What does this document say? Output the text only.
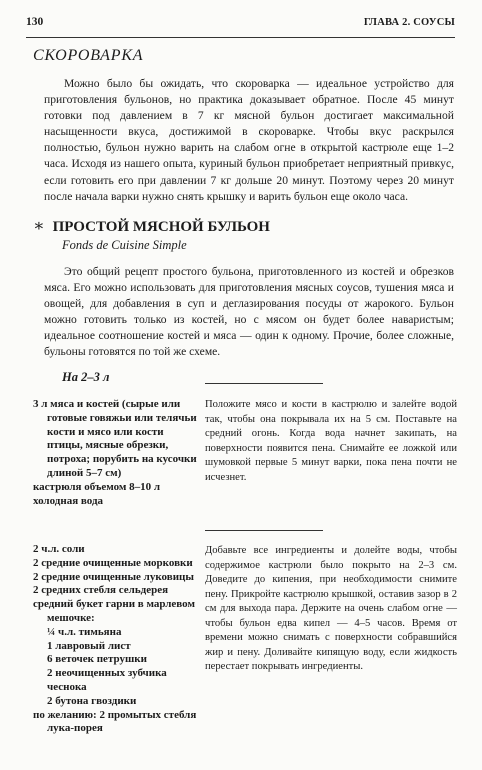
130	ГЛАВА 2. СОУСЫ
СКОРОВАРКА
Можно было бы ожидать, что скороварка — идеальное устройство для приготовления бульонов, но практика доказывает обратное. После 45 минут готовки под давлением в 7 кг мясной бульон достигает максимальной насыщенности вкуса, достижимой в скороварке. Чтобы вкус раскрылся полностью, бульон нужно варить на слабом огне в открытой кастрюле еще 1–2 часа. Исходя из нашего опыта, куриный бульон приобретает неприятный привкус, если готовить его при давлении 7 кг дольше 20 минут. Поэтому через 20 минут после начала варки нужно снять крышку и варить бульон еще около часа.
∗ ПРОСТОЙ МЯСНОЙ БУЛЬОН
Fonds de Cuisine Simple
Это общий рецепт простого бульона, приготовленного из костей и обрезков мяса. Его можно использовать для приготовления мясных соусов, тушения мяса и овощей, для добавления в суп и деглазирования посуды от жарокого. Бульон можно готовить только из костей, но с мясом он будет более наваристым; идеальное соотношение костей и мяса — один к одному. Прочие, более сложные, бульоны готовятся по той же схеме.
На 2–3 л
3 л мяса и костей (сырые или готовые говяжьи или телячьи кости и мясо или кости птицы, мясные обрезки, потроха; порубить на кусочки длиной 5–7 см)
кастрюля объемом 8–10 л
холодная вода
Положите мясо и кости в кастрюлю и залейте водой так, чтобы она покрывала их на 5 см. Поставьте на средний огонь. Когда вода начнет закипать, на поверхности появится пена. Снимайте ее ложкой или шумовкой первые 5 минут варки, пока пена почти не исчезнет.
2 ч.л. соли
2 средние очищенные морковки
2 средние очищенные луковицы
2 средних стебля сельдерея
средний букет гарни в марлевом мешочке:
¼ ч.л. тимьяна
1 лавровый лист
6 веточек петрушки
2 неочищенных зубчика чеснока
2 бутона гвоздики
по желанию: 2 промытых стебля лука-порея
Добавьте все ингредиенты и долейте воды, чтобы содержимое кастрюли было покрыто на 2–3 см. Доведите до кипения, при необходимости снимите пену. Прикройте кастрюлю крышкой, оставив зазор в 2 см для выхода пара. Держите на очень слабом огне — чтобы бульон едва кипел — 4–5 часов. Время от времени можно снимать с поверхности собравшийся жир и пену. Доливайте кипящую воду, если жидкость перестает покрывать ингредиенты.
